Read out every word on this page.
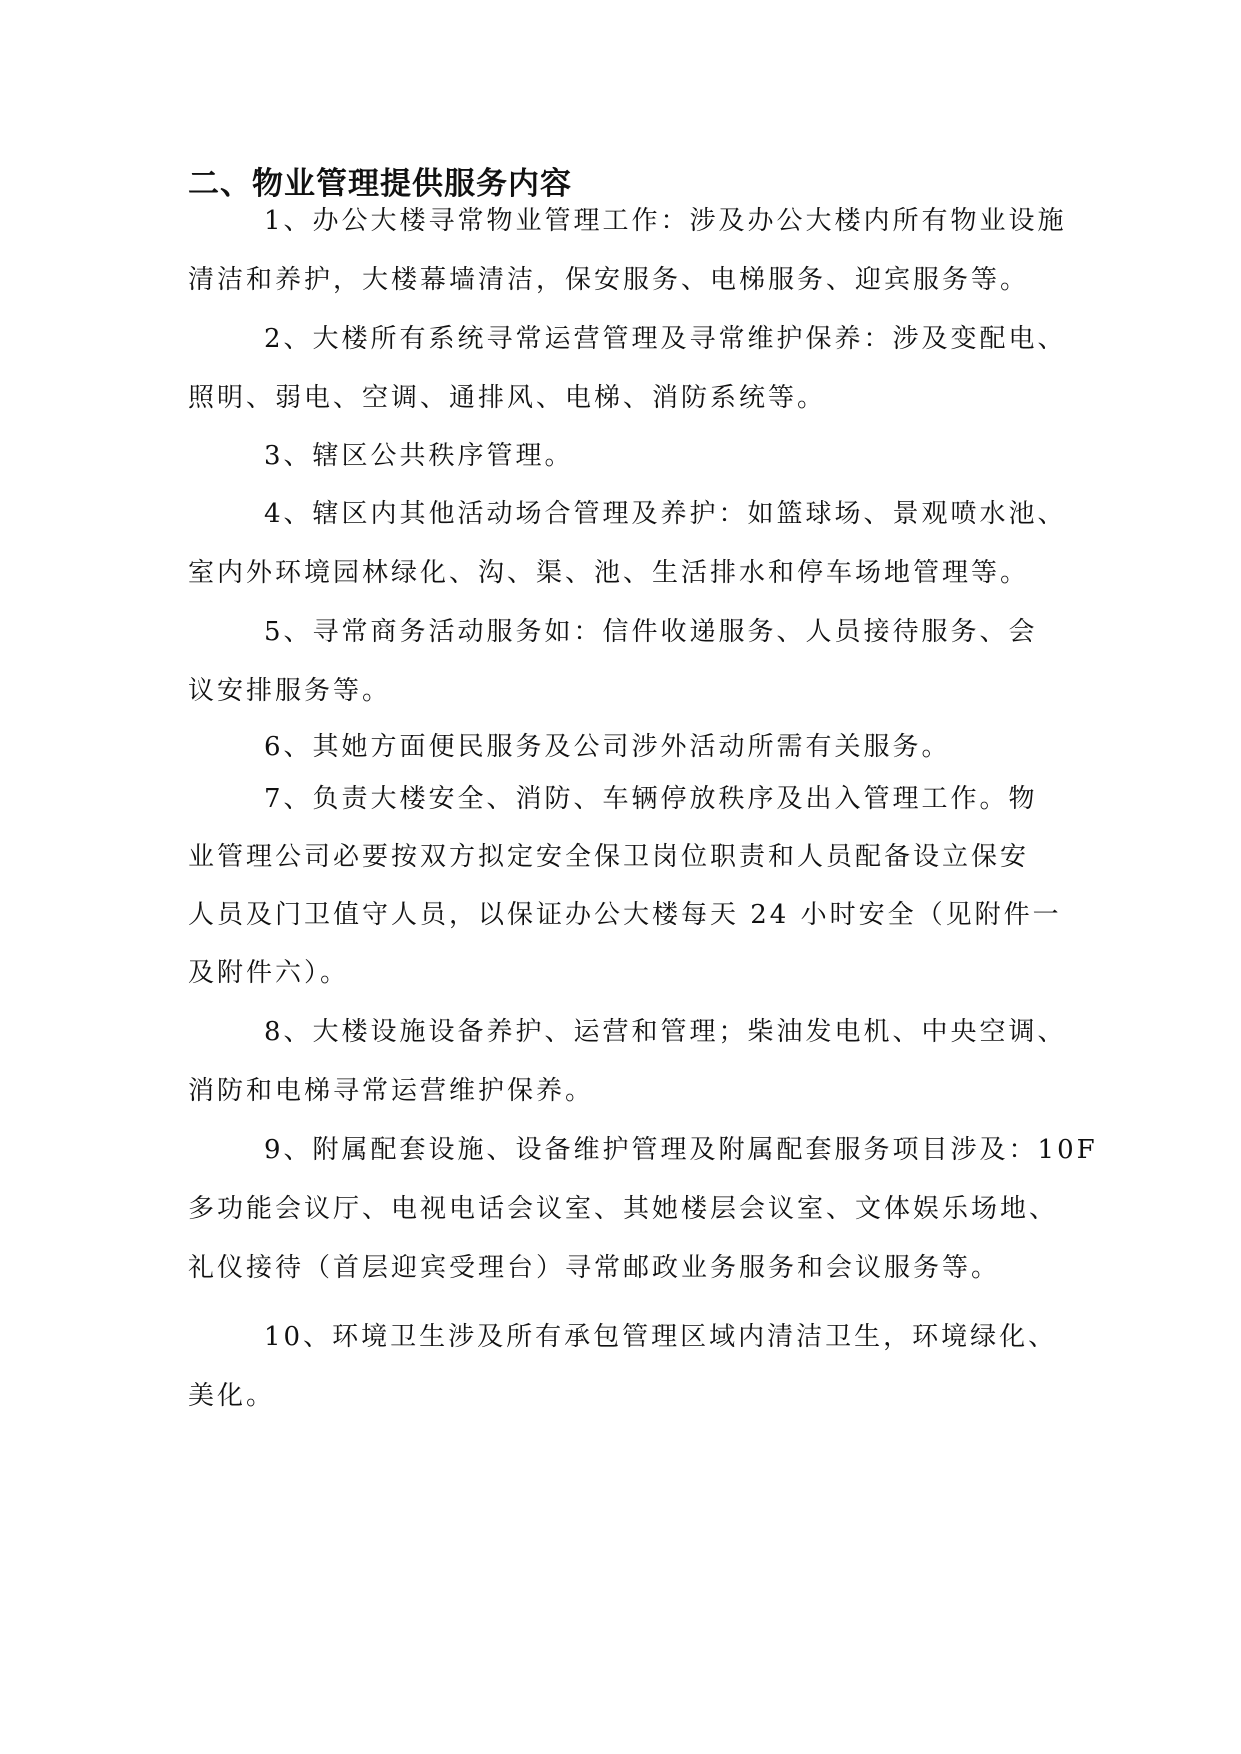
二、物业管理提供服务内容

1、办公大楼寻常物业管理工作：涉及办公大楼内所有物业设施

清洁和养护，大楼幕墙清洁，保安服务、电梯服务、迎宾服务等。

2、大楼所有系统寻常运营管理及寻常维护保养：涉及变配电、

照明、弱电、空调、通排风、电梯、消防系统等。

3、辖区公共秩序管理。

4、辖区内其他活动场合管理及养护：如篮球场、景观喷水池、

室内外环境园林绿化、沟、渠、池、生活排水和停车场地管理等。

5、寻常商务活动服务如：信件收递服务、人员接待服务、会

议安排服务等。

6、其她方面便民服务及公司涉外活动所需有关服务。

7、负责大楼安全、消防、车辆停放秩序及出入管理工作。物

业管理公司必要按双方拟定安全保卫岗位职责和人员配备设立保安

人员及门卫值守人员，以保证办公大楼每天 24 小时安全（见附件一

及附件六）。

8、大楼设施设备养护、运营和管理；柴油发电机、中央空调、

消防和电梯寻常运营维护保养。

9、附属配套设施、设备维护管理及附属配套服务项目涉及：10F

多功能会议厅、电视电话会议室、其她楼层会议室、文体娱乐场地、

礼仪接待（首层迎宾受理台）寻常邮政业务服务和会议服务等。

10、环境卫生涉及所有承包管理区域内清洁卫生，环境绿化、

美化。
